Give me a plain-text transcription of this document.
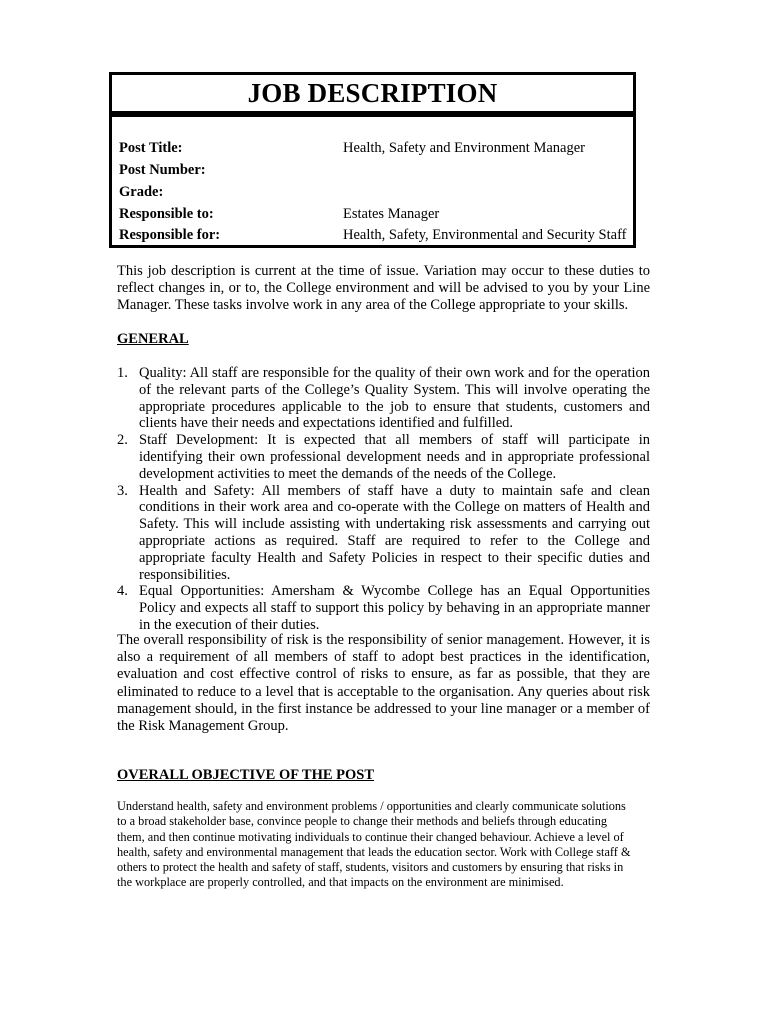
JOB DESCRIPTION
Post Title:	Health, Safety and Environment Manager
Post Number:
Grade:
Responsible to:	Estates Manager
Responsible for:	Health, Safety, Environmental and Security Staff

This job description is current at the time of issue. Variation may occur to these duties to reflect changes in, or to, the College environment and will be advised to you by your Line Manager. These tasks involve work in any area of the College appropriate to your skills.

GENERAL

1. Quality: All staff are responsible for the quality of their own work and for the operation of the relevant parts of the College’s Quality System. This will involve operating the appropriate procedures applicable to the job to ensure that students, customers and clients have their needs and expectations identified and fulfilled.
2. Staff Development: It is expected that all members of staff will participate in identifying their own professional development needs and in appropriate professional development activities to meet the demands of the needs of the College.
3. Health and Safety: All members of staff have a duty to maintain safe and clean conditions in their work area and co-operate with the College on matters of Health and Safety. This will include assisting with undertaking risk assessments and carrying out appropriate actions as required. Staff are required to refer to the College and appropriate faculty Health and Safety Policies in respect to their specific duties and responsibilities.
4. Equal Opportunities: Amersham & Wycombe College has an Equal Opportunities Policy and expects all staff to support this policy by behaving in an appropriate manner in the execution of their duties.

The overall responsibility of risk is the responsibility of senior management. However, it is also a requirement of all members of staff to adopt best practices in the identification, evaluation and cost effective control of risks to ensure, as far as possible, that they are eliminated to reduce to a level that is acceptable to the organisation. Any queries about risk management should, in the first instance be addressed to your line manager or a member of the Risk Management Group.

OVERALL OBJECTIVE OF THE POST

Understand health, safety and environment problems / opportunities and clearly communicate solutions to a broad stakeholder base, convince people to change their methods and beliefs through educating them, and then continue motivating individuals to continue their changed behaviour. Achieve a level of health, safety and environmental management that leads the education sector. Work with College staff & others to protect the health and safety of staff, students, visitors and customers by ensuring that risks in the workplace are properly controlled, and that impacts on the environment are minimised.
